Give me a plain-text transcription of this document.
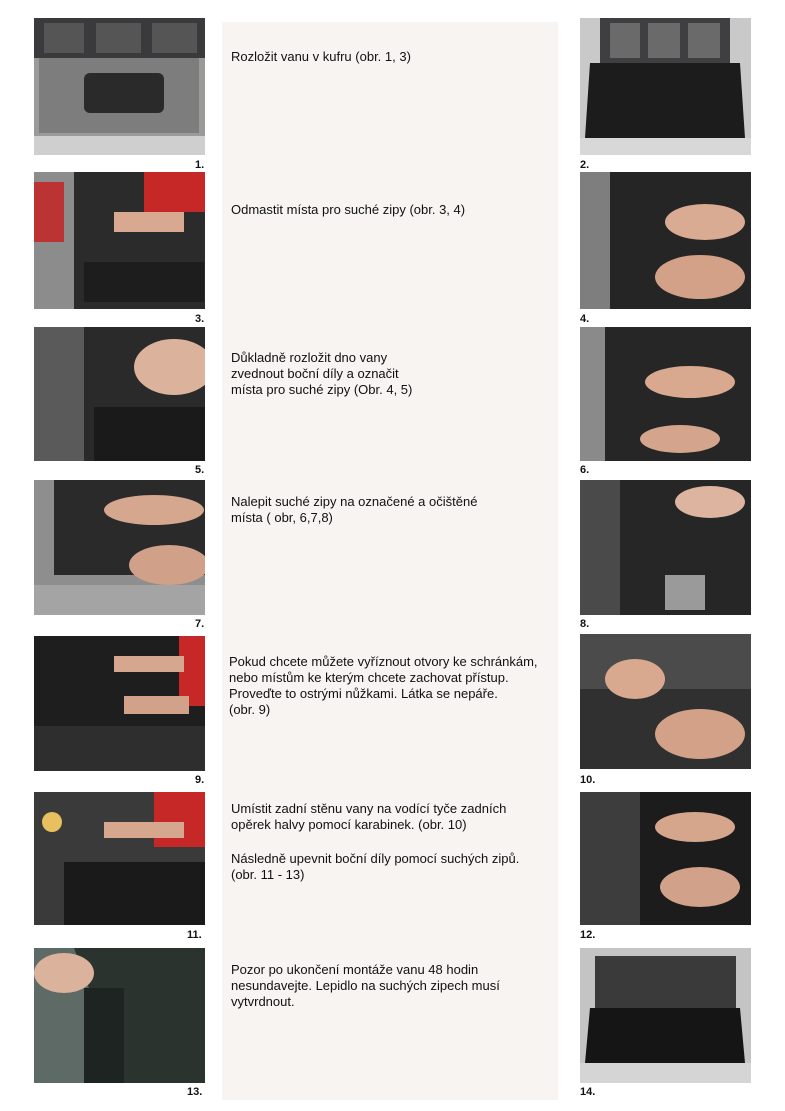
1.
Rozložit vanu v kufru (obr. 1, 3)
2.
3.
Odmastit místa pro suché zipy (obr. 3, 4)
4.
5.
Důkladně rozložit dno vany
zvednout boční díly a označit
místa pro suché zipy (Obr. 4, 5)
6.
7.
Nalepit suché zipy na označené a očištěné
místa ( obr, 6,7,8)
8.
9.
Pokud chcete můžete vyříznout otvory ke schránkám,
nebo místům ke kterým chcete zachovat přístup.
Proveďte to ostrými nůžkami. Látka se nepáře.
(obr. 9)
10.
11.
Umístit zadní stěnu vany na vodící tyče zadních
opěrek halvy pomocí karabinek. (obr. 10)
Následně upevnit boční díly pomocí suchých zipů.
(obr. 11 - 13)
12.
13.
Pozor po ukončení montáže vanu 48 hodin
nesundavejte. Lepidlo na suchých zipech musí
vytvrdnout.
14.
